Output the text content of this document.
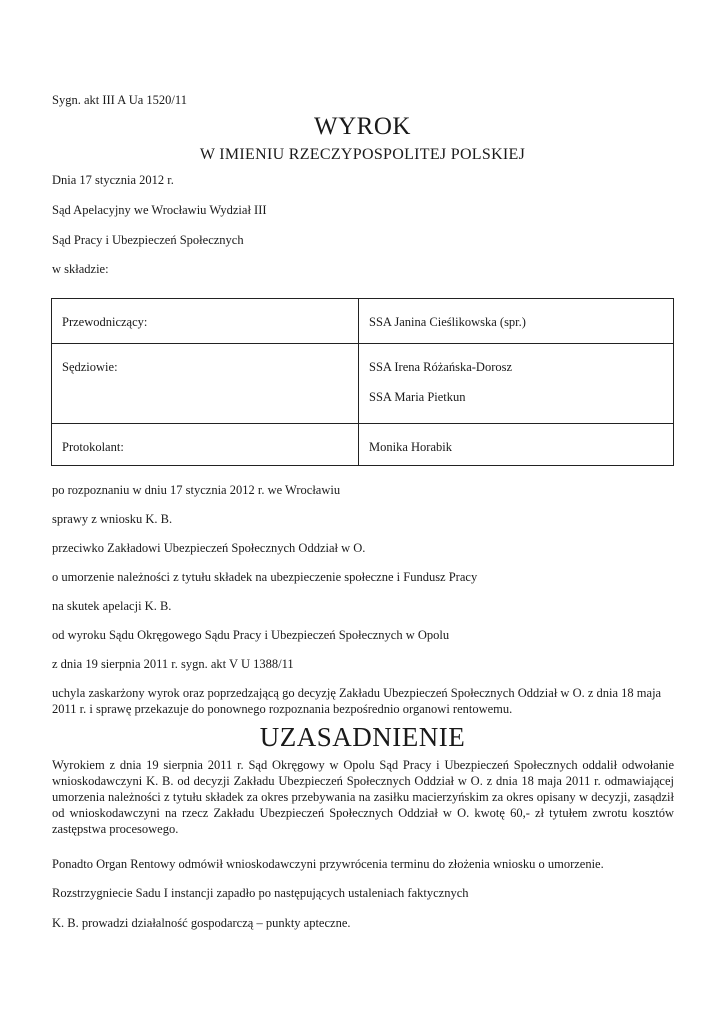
Sygn. akt III A Ua 1520/11
WYROK
W IMIENIU RZECZYPOSPOLITEJ POLSKIEJ
Dnia 17 stycznia 2012 r.
Sąd Apelacyjny we Wrocławiu Wydział III
Sąd Pracy i Ubezpieczeń Społecznych
w składzie:
Przewodniczący:	SSA Janina Cieślikowska (spr.)

Sędziowie:	SSA Irena Różańska-Dorosz
SSA Maria Pietkun

Protokolant:	Monika Horabik
po rozpoznaniu w dniu 17 stycznia 2012 r. we Wrocławiu
sprawy z wniosku K. B.
przeciwko Zakładowi Ubezpieczeń Społecznych Oddział w O.
o umorzenie należności z tytułu składek na ubezpieczenie społeczne i Fundusz Pracy
na skutek apelacji K. B.
od wyroku Sądu Okręgowego Sądu Pracy i Ubezpieczeń Społecznych w Opolu
z dnia 19 sierpnia 2011 r. sygn. akt V U 1388/11
uchyla zaskarżony wyrok oraz poprzedzającą go decyzję Zakładu Ubezpieczeń Społecznych Oddział w O. z dnia 18 maja 2011 r. i sprawę przekazuje do ponownego rozpoznania bezpośrednio organowi rentowemu.
UZASADNIENIE
Wyrokiem z dnia 19 sierpnia 2011 r. Sąd Okręgowy w Opolu Sąd Pracy i Ubezpieczeń Społecznych oddalił odwołanie wnioskodawczyni K. B. od decyzji Zakładu Ubezpieczeń Społecznych Oddział w O. z dnia 18 maja 2011 r. odmawiającej umorzenia należności z tytułu składek za okres przebywania na zasiłku macierzyńskim za okres opisany w decyzji, zasądził od wnioskodawczyni na rzecz Zakładu Ubezpieczeń Społecznych Oddział w O. kwotę 60,- zł tytułem zwrotu kosztów zastępstwa procesowego.
Ponadto Organ Rentowy odmówił wnioskodawczyni przywrócenia terminu do złożenia wniosku o umorzenie.
Rozstrzygniecie Sadu I instancji zapadło po następujących ustaleniach faktycznych
K. B. prowadzi działalność gospodarczą – punkty apteczne.
